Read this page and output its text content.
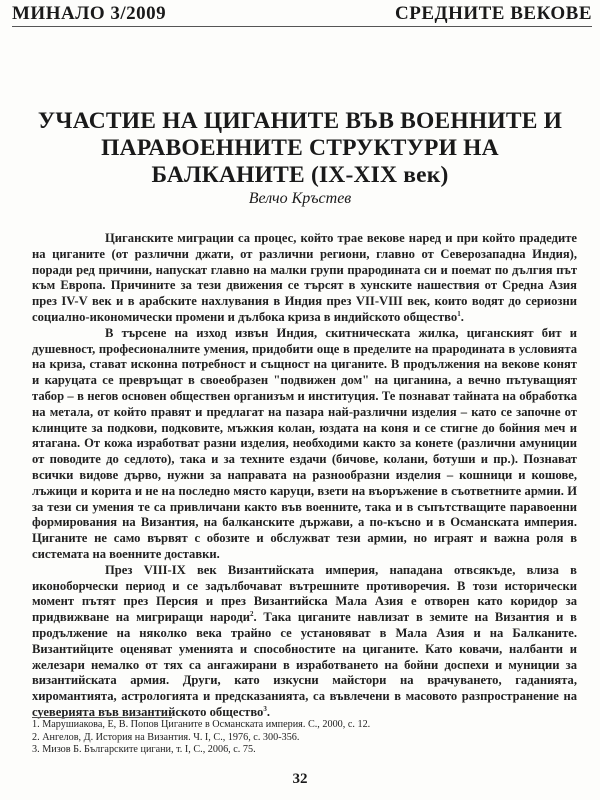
МИНАЛО 3/2009	СРЕДНИТЕ ВЕКОВЕ
УЧАСТИЕ НА ЦИГАНИТЕ ВЪВ ВОЕННИТЕ И
ПАРАВОЕННИТЕ СТРУКТУРИ НА
БАЛКАНИТЕ (IX-XIX век)
Велчо Кръстев

Циганските миграции са процес, който трае векове наред и при който прадедите на циганите (от различни джати, от различни региони, главно от Северозападна Индия), поради ред причини, напускат главно на малки групи прародината си и поемат по дългия път към Европа. Причините за тези движения се търсят в хунските нашествия от Средна Азия през IV-V век и в арабските нахлувания в Индия през VII-VIII век, които водят до сериозни социално-икономически промени и дълбока криза в индийското общество$^1$.

В търсене на изход извън Индия, скитническата жилка, циганският бит и душевност, професионалните умения, придобити още в пределите на прародината в условията на криза, стават исконна потребност и същност на циганите. В продължения на векове конят и каруцата се превръщат в своеобразен "подвижен дом" на циганина, а вечно пътуващият табор – в негов основен обществен организъм и институция. Те познават тайната на обработка на метала, от който правят и предлагат на пазара най-различни изделия – като се започне от клинците за подкови, подковите, мъжкия колан, юздата на коня и се стигне до бойния меч и ятагана. От кожа изработват разни изделия, необходими както за конете (различни амуниции от поводите до седлото), така и за техните ездачи (бичове, колани, ботуши и пр.). Познават всички видове дърво, нужни за направата на разнообразни изделия – кошници и кошове, лъжици и корита и не на последно място каруци, взети на въоръжение в съответните армии. И за тези си умения те са привличани както във военните, така и в съпътстващите паравоенни формирования на Византия, на балканските държави, а по-късно и в Османската империя. Циганите не само вървят с обозите и обслужват тези армии, но играят и важна роля в системата на военните доставки.

През VIII-IX век Византийската империя, нападана отвсякъде, влиза в иконоборчески период и се задълбочават вътрешните противоречия. В този исторически момент пътят през Персия и през Византийска Мала Азия е отворен като коридор за придвижване на мигриращи народи$^2$. Така циганите навлизат в земите на Византия и в продължение на няколко века трайно се установяват в Мала Азия и на Балканите. Византийците оценяват уменията и способностите на циганите. Като ковачи, налбанти и железари немалко от тях са ангажирани в изработването на бойни доспехи и муниции за византийската армия. Други, като изкусни майстори на врачуването, гаданията, хиромантията, астрологията и предсказанията, са въвлечени в масовото разпространение на суеверията във византийското общество$^3$.

1. Марушиакова, Е, В. Попов Циганите в Османската империя. С., 2000, с. 12.
2. Ангелов, Д. История на Византия. Ч. I, С., 1976, с. 300-356.
3. Мизов Б. Българските цигани, т. I, С., 2006, с. 75.
32
